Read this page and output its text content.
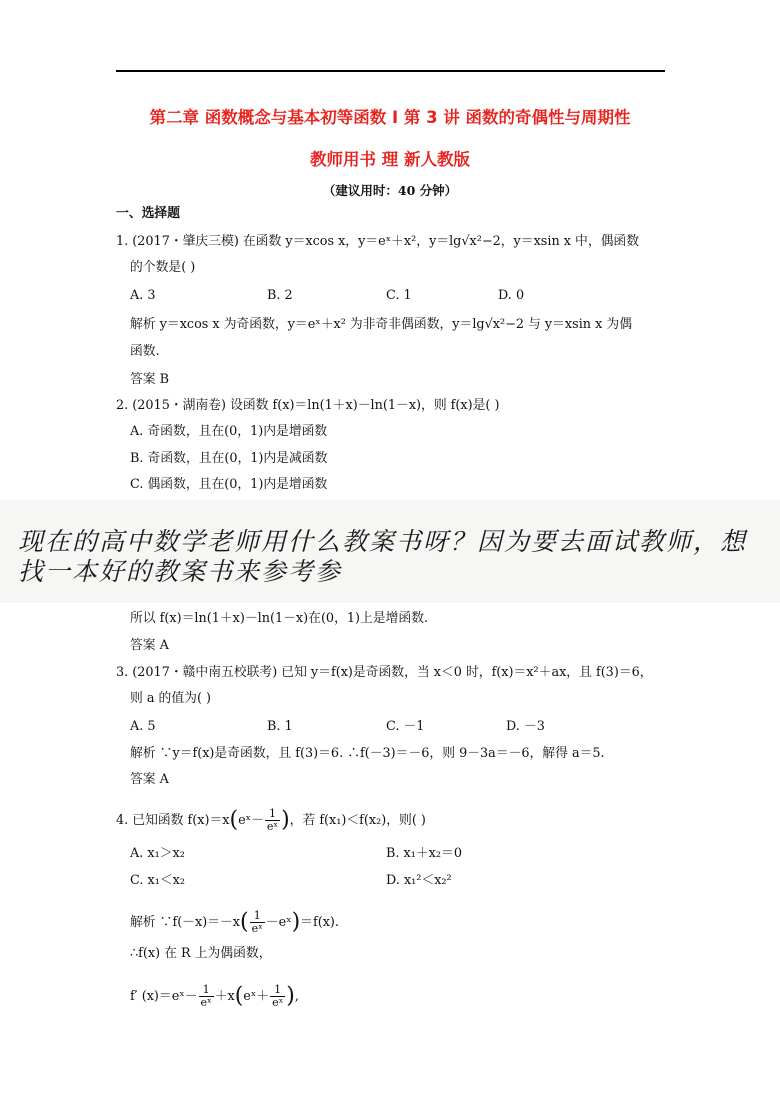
第二章 函数概念与基本初等函数 I 第 3 讲 函数的奇偶性与周期性
教师用书 理 新人教版
（建议用时：40 分钟）
一、选择题
1. (2017・肇庆三模) 在函数 y＝xcos x，y＝eˣ＋x²，y＝lg√x²−2，y＝xsin x 中，偶函数
的个数是( )
A. 3	B. 2	C. 1	D. 0
解析 y＝xcos x 为奇函数，y＝eˣ＋x² 为非奇非偶函数，y＝lg√x²−2 与 y＝xsin x 为偶
函数.
答案 B
2. (2015・湖南卷) 设函数 f(x)＝ln(1＋x)－ln(1－x)，则 f(x)是( )
A. 奇函数，且在(0，1)内是增函数
B. 奇函数，且在(0，1)内是减函数
C. 偶函数，且在(0，1)内是增函数
现在的高中数学老师用什么教案书呀？因为要去面试教师，想
找一本好的教案书来参考参
所以 f(x)＝ln(1＋x)－ln(1－x)在(0，1)上是增函数.
答案 A
3. (2017・赣中南五校联考) 已知 y＝f(x)是奇函数，当 x＜0 时，f(x)＝x²＋ax，且 f(3)＝6，
则 a 的值为( )
A. 5	B. 1	C. －1	D. －3
解析 ∵y＝f(x)是奇函数，且 f(3)＝6. ∴f(－3)＝－6，则 9－3a＝－6，解得 a＝5.
答案 A
4. 已知函数 f(x)＝x(eˣ－ $\frac{1}{\text{eˣ}}$ )，若 f(x₁)＜f(x₂)，则( )
A. x₁＞x₂	B. x₁＋x₂＝0
C. x₁＜x₂	D. x₁²＜x₂²
解析 ∵f(－x)＝－x( $\frac{1}{\text{eˣ}}$ －eˣ)＝f(x).
∴f(x) 在 R 上为偶函数，
f′ (x)＝eˣ－ $\frac{1}{\text{eˣ}}$ ＋x(eˣ＋ $\frac{1}{\text{eˣ}}$ ),
